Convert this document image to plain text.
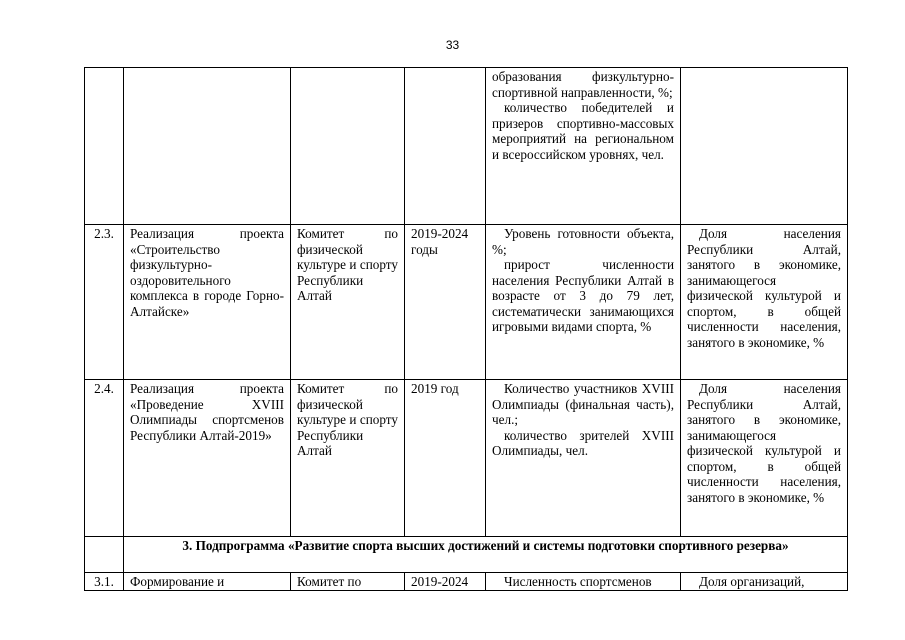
33

				образования физкультурно-спортивной направленности, %;
количество победителей и призеров спортивно-массовых мероприятий на региональном и всероссийском уровнях, чел.	

2.3.	Реализация проекта «Строительство физкультурно-оздоровительного комплекса в городе Горно-Алтайске»	Комитет по физической культуре и спорту Республики Алтай	2019-2024 годы	Уровень готовности объекта, %;
прирост численности населения Республики Алтай в возрасте от 3 до 79 лет, систематически занимающихся игровыми видами спорта, %	Доля населения Республики Алтай, занятого в экономике, занимающегося физической культурой и спортом, в общей численности населения, занятого в экономике, %
2.4.	Реализация проекта «Проведение XVIII Олимпиады спортсменов Республики Алтай-2019»	Комитет по физической культуре и спорту Республики Алтай	2019 год	Количество участников XVIII Олимпиады (финальная часть), чел.;
количество зрителей XVIII Олимпиады, чел.	Доля населения Республики Алтай, занятого в экономике, занимающегося физической культурой и спортом, в общей численности населения, занятого в экономике, %
	3. Подпрограмма «Развитие спорта высших достижений и системы подготовки спортивного резерва»				
3.1.	Формирование и	Комитет по	2019-2024	Численность спортсменов	Доля организаций,
